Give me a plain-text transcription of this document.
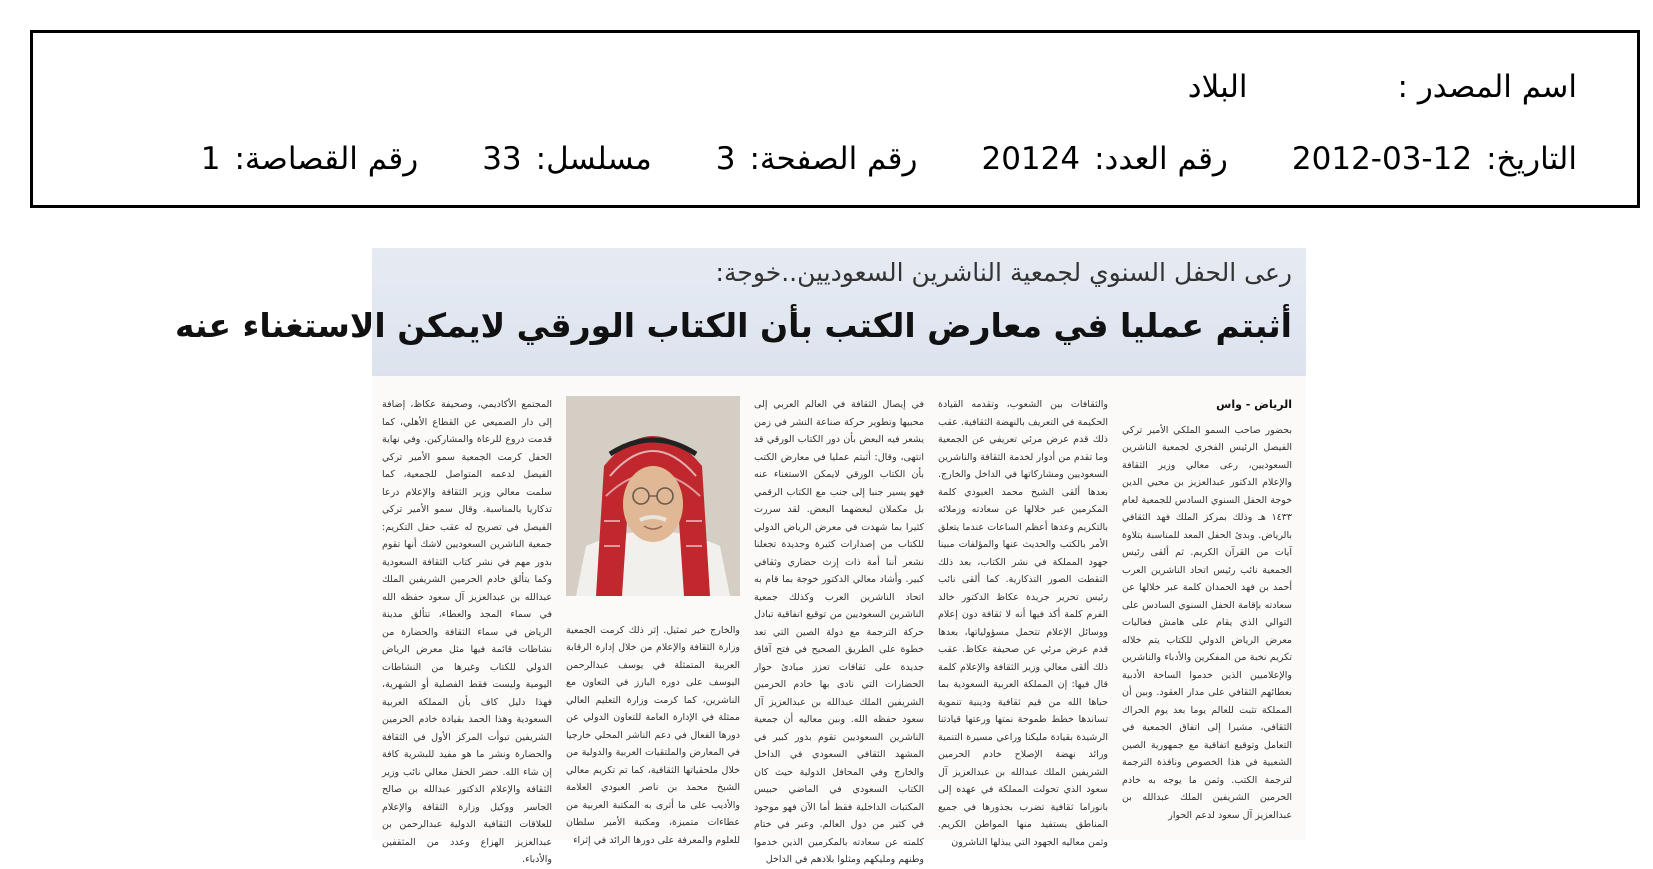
اسم المصدر :
البلاد
التاريخ:
2012-03-12
رقم العدد:
20124
رقم الصفحة:
3
مسلسل:
33
رقم القصاصة:
1
رعى الحفل السنوي لجمعية الناشرين السعوديين..خوجة:
أثبتم عمليا في معارض الكتب بأن الكتاب الورقي لايمكن الاستغناء عنه
الرياض - واس

بحضور صاحب السمو الملكي الأمير تركي الفيصل الرئيس الفخري لجمعية الناشرين السعوديين، رعى معالي وزير الثقافة والإعلام الدكتور عبدالعزيز بن محيي الدين خوجة الحفل السنوي السادس للجمعية لعام ١٤٣٣ هـ وذلك بمركز الملك فهد الثقافي بالرياض. وبدئ الحفل المعد للمناسبة بتلاوة آيات من القرآن الكريم. ثم ألقى رئيس الجمعية نائب رئيس اتحاد الناشرين العرب أحمد بن فهد الحمدان كلمة عبر خلالها عن سعادته بإقامة الحفل السنوي السادس على التوالي الذي يقام على هامش فعاليات معرض الرياض الدولي للكتاب يتم خلاله تكريم نخبة من المفكرين والأدباء والناشرين والإعلاميين الذين خدموا الساحة الأدبية بعطائهم الثقافي على مدار العقود. وبين أن المملكة تثبت للعالم يوما بعد يوم الحراك الثقافي، مشيرا إلى اتفاق الجمعية في التعامل وتوقيع اتفاقية مع جمهورية الصين الشعبية في هذا الخصوص ونافذة الترجمة لترجمة الكتب. وثمن ما يوجه به خادم الحرمين الشريفين الملك عبدالله بن عبدالعزيز آل سعود لدعم الحوار

والثقافات بين الشعوب، وتقدمه القيادة الحكيمة في التعريف بالنهضة الثقافية. عقب ذلك قدم عرض مرئي تعريفي عن الجمعية وما تقدم من أدوار لخدمة الثقافة والناشرين السعوديين ومشاركاتها في الداخل والخارج. بعدها ألقى الشيخ محمد العبودي كلمة المكرمين عبر خلالها عن سعادته وزملائه بالتكريم وعدها أعظم الساعات عندما يتعلق الأمر بالكتب والحديث عنها والمؤلفات مبينا جهود المملكة في نشر الكتاب، بعد ذلك التقطت الصور التذكارية. كما ألقى نائب رئيس تحرير جريدة عكاظ الدكتور خالد الفرم كلمة أكد فيها أنه لا ثقافة دون إعلام ووسائل الإعلام تتحمل مسؤولياتها، بعدها قدم عرض مرئي عن صحيفة عكاظ. عقب ذلك ألقى معالي وزير الثقافة والإعلام كلمة قال فيها: إن المملكة العربية السعودية بما حباها الله من قيم ثقافية ودينية تنموية تساندها خطط طموحة نمتها ورعتها قيادتنا الرشيدة بقيادة مليكنا وراعي مسيرة التنمية ورائد نهضة الإصلاح خادم الحرمين الشريفين الملك عبدالله بن عبدالعزيز آل سعود الذي تحولت المملكة في عهده إلى بانوراما ثقافية تضرب بجذورها في جميع المناطق يستفيد منها المواطن الكريم. وثمن معاليه الجهود التي يبذلها الناشرون

في إيصال الثقافة في العالم العربي إلى محبيها وتطوير حركة صناعة النشر في زمن يشعر فيه البعض بأن دور الكتاب الورقي قد انتهى، وقال: أثبتم عمليا في معارض الكتب بأن الكتاب الورقي لايمكن الاستغناء عنه فهو يسير جنبا إلى جنب مع الكتاب الرقمي بل مكملان لبعضهما البعض. لقد سررت كثيرا بما شهدت في معرض الرياض الدولي للكتاب من إصدارات كثيرة وجديدة تجعلنا نشعر أننا أمة ذات إرث حضاري وثقافي كبير. وأشاد معالي الدكتور خوجة بما قام به اتحاد الناشرين العرب وكذلك جمعية الناشرين السعوديين من توقيع اتفاقية تبادل حركة الترجمة مع دولة الصين التي تعد خطوة على الطريق الصحيح في فتح آفاق جديدة على ثقافات تعزز مبادئ حوار الحضارات التي نادى بها خادم الحرمين الشريفين الملك عبدالله بن عبدالعزيز آل سعود حفظه الله. وبين معاليه أن جمعية الناشرين السعوديين تقوم بدور كبير في المشهد الثقافي السعودي في الداخل والخارج وفي المحافل الدولية حيث كان الكتاب السعودي في الماضي حبيس المكتبات الداخلية فقط أما الآن فهو موجود في كثير من دول العالم. وعبر في ختام كلمته عن سعادته بالمكرمين الذين خدموا وطنهم ومليكهم ومثلوا بلادهم في الداخل

والخارج خير تمثيل. إثر ذلك كرمت الجمعية وزارة الثقافة والإعلام من خلال إدارة الرقابة العربية المتمثلة في يوسف عبدالرحمن اليوسف على دوره البارز في التعاون مع الناشرين، كما كرمت وزارة التعليم العالي ممثلة في الإدارة العامة للتعاون الدولي عن دورها الفعال في دعم الناشر المحلي خارجيا في المعارض والملتقيات العربية والدولية من خلال ملحقياتها الثقافية، كما تم تكريم معالي الشيخ محمد بن ناصر العبودي العلامة والأديب على ما أثرى به المكتبة العربية من عطاءات متميزة، ومكتبة الأمير سلطان للعلوم والمعرفة على دورها الرائد في إثراء

المجتمع الأكاديمي، وصحيفة عكاظ، إضافة إلى دار الصميعي عن القطاع الأهلي، كما قدمت دروع للرعاة والمشاركين. وفي نهاية الحفل كرمت الجمعية سمو الأمير تركي الفيصل لدعمه المتواصل للجمعية، كما سلمت معالي وزير الثقافة والإعلام درعا تذكاريا بالمناسبة. وقال سمو الأمير تركي الفيصل في تصريح له عقب حفل التكريم: جمعية الناشرين السعوديين لاشك أنها تقوم بدور مهم في نشر كتاب الثقافة السعودية وكما يتألق خادم الحرمين الشريفين الملك عبدالله بن عبدالعزيز آل سعود حفظه الله في سماء المجد والعطاء، تتألق مدينة الرياض في سماء الثقافة والحضارة من نشاطات قائمة فيها مثل معرض الرياض الدولي للكتاب وغيرها من النشاطات اليومية وليست فقط الفصلية أو الشهرية، فهذا دليل كاف بأن المملكة العربية السعودية وهذا الحمد بقيادة خادم الحرمين الشريفين تبوأت المركز الأول في الثقافة والحضارة ونشر ما هو مفيد للبشرية كافة إن شاء الله. حضر الحفل معالي نائب وزير الثقافة والإعلام الدكتور عبدالله بن صالح الجاسر ووكيل وزارة الثقافة والإعلام للعلاقات الثقافية الدولية عبدالرحمن بن عبدالعزيز الهزاع وعدد من المثقفين والأدباء.
